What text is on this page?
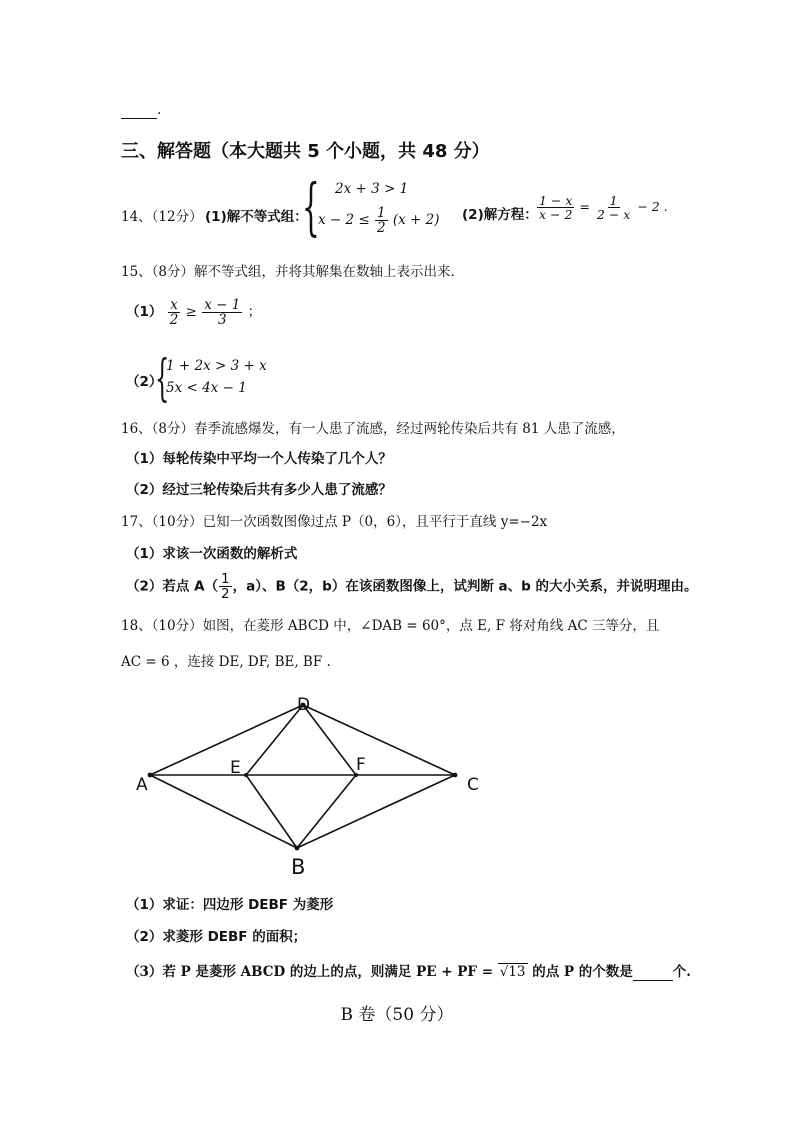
.
三、解答题（本大题共 5 个小题，共 48 分）
14、（12分） (1)解不等式组：
{ 2x + 3 > 1
$x - 2 \le \frac{1}{2} (x + 2)$ (2)解方程： $\frac{1 - x}{x - 2} = \frac{1}{2 - x} - 2$ .
15、（8分）解不等式组，并将其解集在数轴上表示出来.
$(1) \frac{x}{2} \ge \frac{x - 1}{3}$ ；
（2）
{
1 + 2x > 3 + x
5x < 4x − 1
16、（8分）春季流感爆发，有一人患了流感，经过两轮传染后共有 81 人患了流感，
（1）每轮传染中平均一个人传染了几个人？
（2）经过三轮传染后共有多少人患了流感？
17、（10分）已知一次函数图像过点 P（0，6），且平行于直线 y=−2x
（1）求该一次函数的解析式
（2）若点 $A( \frac{1}{2}$ ，a）、B（2，b）在该函数图像上，试判断 a、b 的大小关系，并说明理由。
18、（10分）如图，在菱形 ABCD 中，∠DAB = 60°，点 E, F 将对角线 AC 三等分，且
AC = 6 ，连接 DE, DF, BE, BF .
A
D
C
B
E	F
（1）求证：四边形 DEBF 为菱形
（2）求菱形 DEBF 的面积；
（3）若 P 是菱形 ABCD 的边上的点，则满足 PE + PF = √13 的点 P 的个数是	个.
B 卷（50 分）
